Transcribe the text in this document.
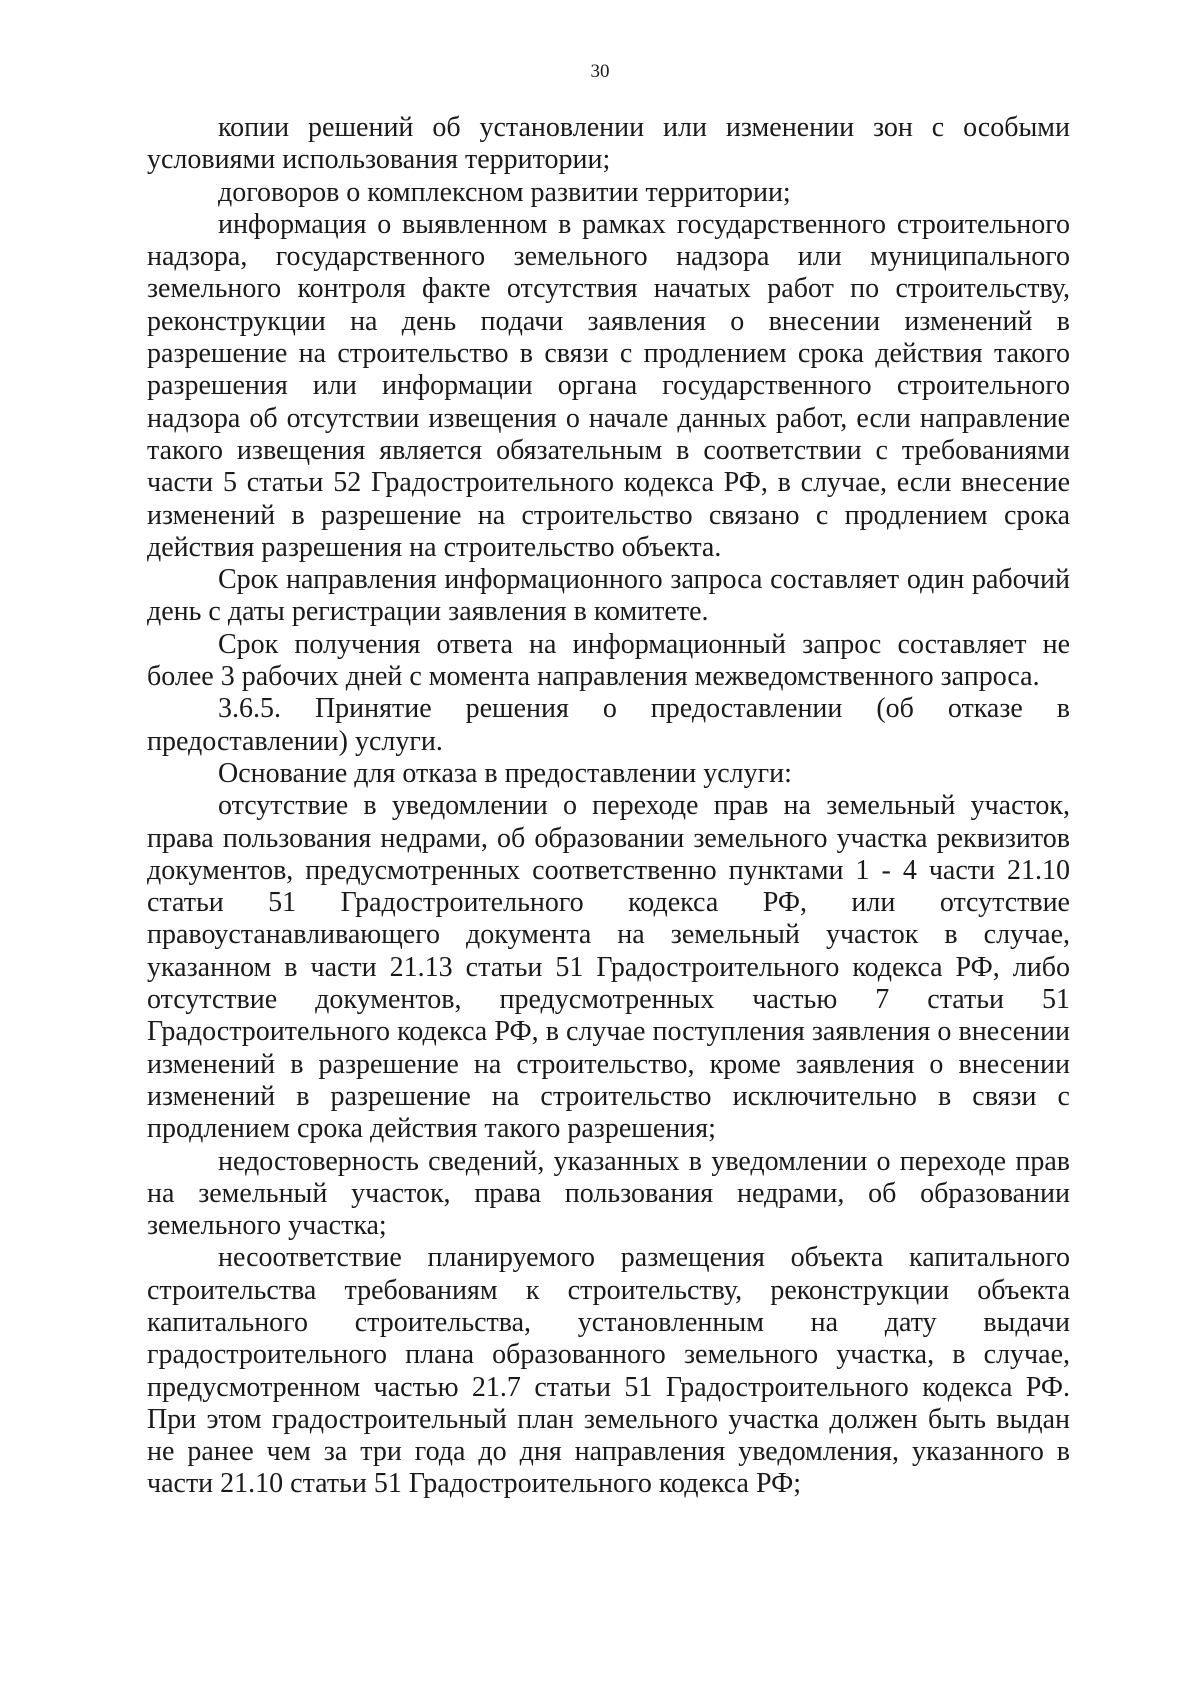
30

копии решений об установлении или изменении зон с особыми условиями использования территории;

договоров о комплексном развитии территории;

информация о выявленном в рамках государственного строительного надзора, государственного земельного надзора или муниципального земельного контроля факте отсутствия начатых работ по строительству, реконструкции на день подачи заявления о внесении изменений в разрешение на строительство в связи с продлением срока действия такого разрешения или информации органа государственного строительного надзора об отсутствии извещения о начале данных работ, если направление такого извещения является обязательным в соответствии с требованиями части 5 статьи 52 Градостроительного кодекса РФ, в случае, если внесение изменений в разрешение на строительство связано с продлением срока действия разрешения на строительство объекта.

Срок направления информационного запроса составляет один рабочий день с даты регистрации заявления в комитете.

Срок получения ответа на информационный запрос составляет не более 3 рабочих дней с момента направления межведомственного запроса.

3.6.5. Принятие решения о предоставлении (об отказе в предоставлении) услуги.

Основание для отказа в предоставлении услуги:

отсутствие в уведомлении о переходе прав на земельный участок, права пользования недрами, об образовании земельного участка реквизитов документов, предусмотренных соответственно пунктами 1 - 4 части 21.10 статьи 51 Градостроительного кодекса РФ, или отсутствие правоустанавливающего документа на земельный участок в случае, указанном в части 21.13 статьи 51 Градостроительного кодекса РФ, либо отсутствие документов, предусмотренных частью 7 статьи 51 Градостроительного кодекса РФ, в случае поступления заявления о внесении изменений в разрешение на строительство, кроме заявления о внесении изменений в разрешение на строительство исключительно в связи с продлением срока действия такого разрешения;

недостоверность сведений, указанных в уведомлении о переходе прав на земельный участок, права пользования недрами, об образовании земельного участка;

несоответствие планируемого размещения объекта капитального строительства требованиям к строительству, реконструкции объекта капитального строительства, установленным на дату выдачи градостроительного плана образованного земельного участка, в случае, предусмотренном частью 21.7 статьи 51 Градостроительного кодекса РФ. При этом градостроительный план земельного участка должен быть выдан не ранее чем за три года до дня направления уведомления, указанного в части 21.10 статьи 51 Градостроительного кодекса РФ;
